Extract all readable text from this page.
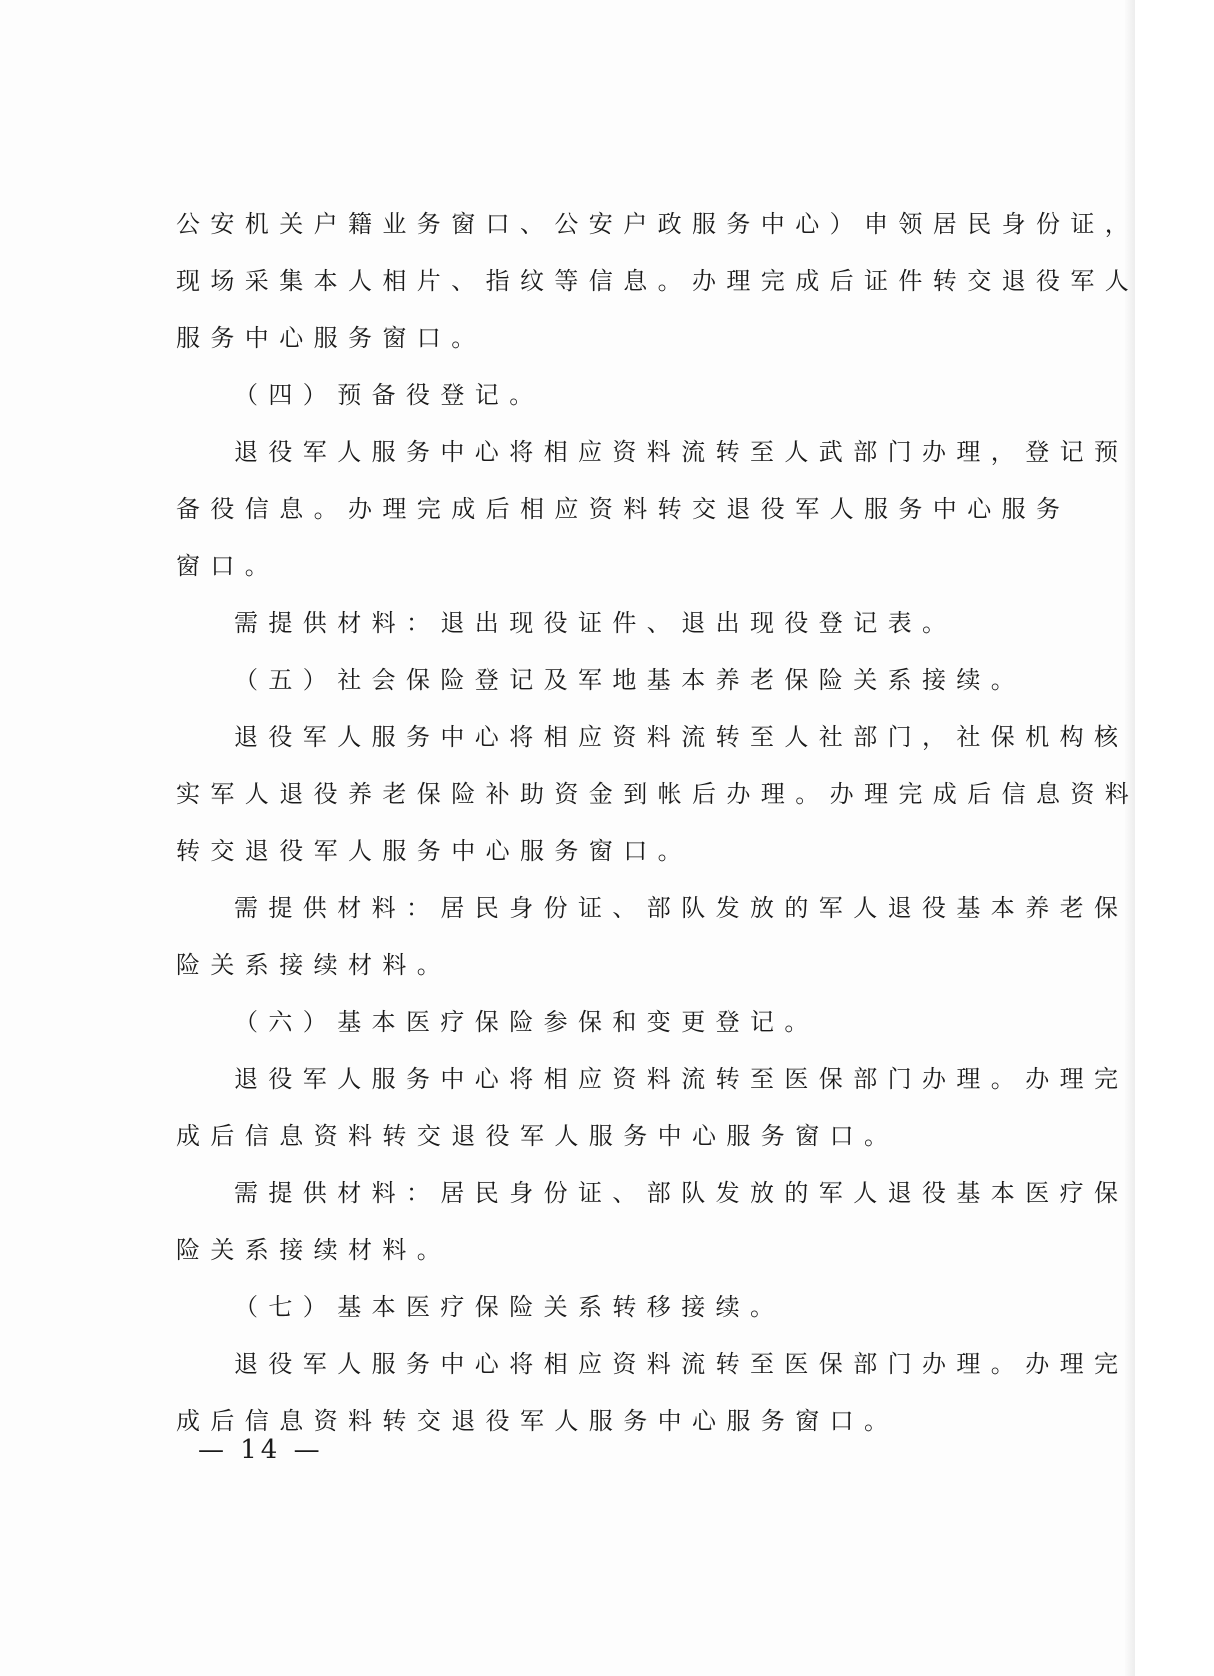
公安机关户籍业务窗口、公安户政服务中心）申领居民身份证，
现场采集本人相片、指纹等信息。办理完成后证件转交退役军人
服务中心服务窗口。
（四）预备役登记。
退役军人服务中心将相应资料流转至人武部门办理，登记预
备役信息。办理完成后相应资料转交退役军人服务中心服务
窗口。
需提供材料：退出现役证件、退出现役登记表。
（五）社会保险登记及军地基本养老保险关系接续。
退役军人服务中心将相应资料流转至人社部门，社保机构核
实军人退役养老保险补助资金到帐后办理。办理完成后信息资料
转交退役军人服务中心服务窗口。
需提供材料：居民身份证、部队发放的军人退役基本养老保
险关系接续材料。
（六）基本医疗保险参保和变更登记。
退役军人服务中心将相应资料流转至医保部门办理。办理完
成后信息资料转交退役军人服务中心服务窗口。
需提供材料：居民身份证、部队发放的军人退役基本医疗保
险关系接续材料。
（七）基本医疗保险关系转移接续。
退役军人服务中心将相应资料流转至医保部门办理。办理完
成后信息资料转交退役军人服务中心服务窗口。
— 14 —
